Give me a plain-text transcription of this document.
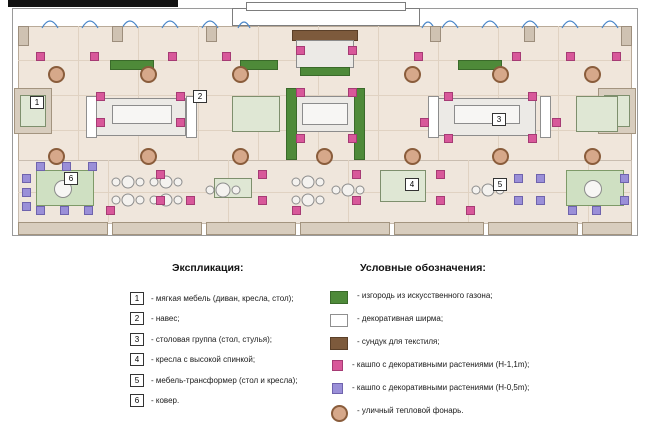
1
2
3
4	5
6
Экспликация:	Условные обозначения:
1	- мягкая мебель (диван, кресла, стол);
2	- навес;
3	- столовая группа (стол, стулья);
4	- кресла с высокой спинкой;
5	- мебель-трансформер (стол и кресла);
6	- ковер.
- изгородь из искусственного газона;
- декоративная ширма;
- сундук для текстиля;
- кашпо с декоративными растениями (H-1,1m);
- кашпо с декоративными растениями (H-0,5m);
- уличный тепловой фонарь.
